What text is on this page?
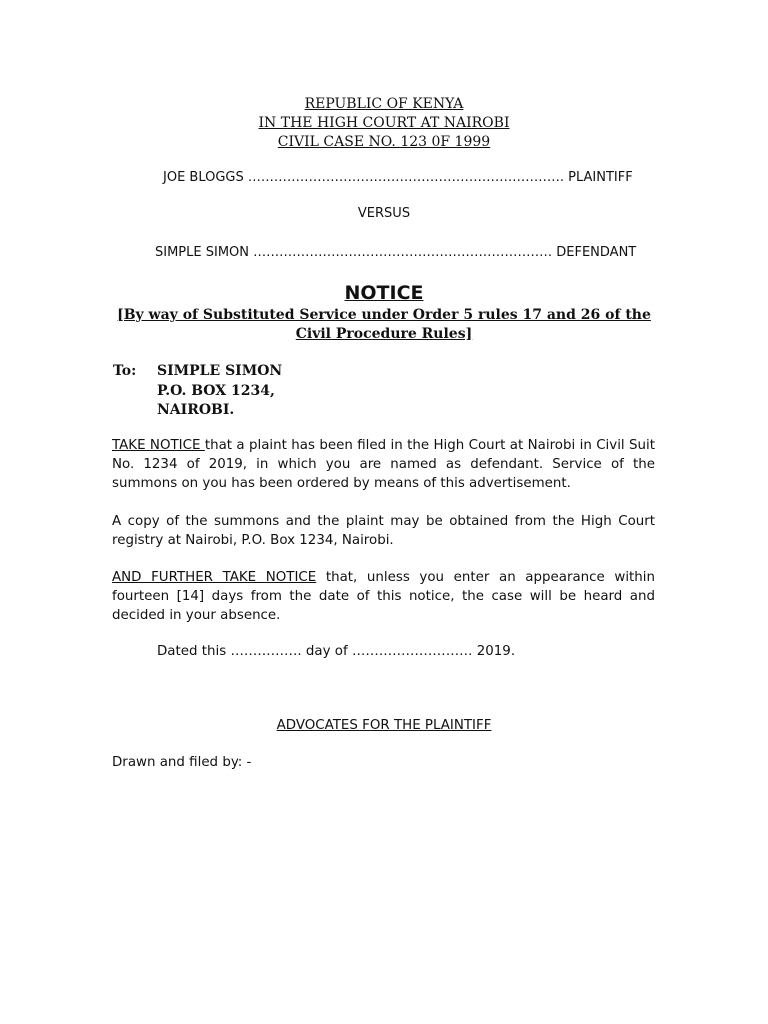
REPUBLIC OF KENYA
IN THE HIGH COURT AT NAIROBI
CIVIL CASE NO. 123 0F 1999
JOE BLOGGS ………………………………………………………………. PLAINTIFF
VERSUS
SIMPLE SIMON …………………………………………………………… DEFENDANT
NOTICE
[By way of Substituted Service under Order 5 rules 17 and 26 of the
Civil Procedure Rules]
To: SIMPLE SIMON
P.O. BOX 1234,
NAIROBI.
TAKE NOTICE that a plaint has been filed in the High Court at Nairobi in Civil Suit No. 1234 of 2019, in which you are named as defendant. Service of the summons on you has been ordered by means of this advertisement.
A copy of the summons and the plaint may be obtained from the High Court registry at Nairobi, P.O. Box 1234, Nairobi.
AND FURTHER TAKE NOTICE that, unless you enter an appearance within fourteen [14] days from the date of this notice, the case will be heard and decided in your absence.
Dated this ……………. day of ……………………… 2019.
ADVOCATES FOR THE PLAINTIFF
Drawn and filed by: -
